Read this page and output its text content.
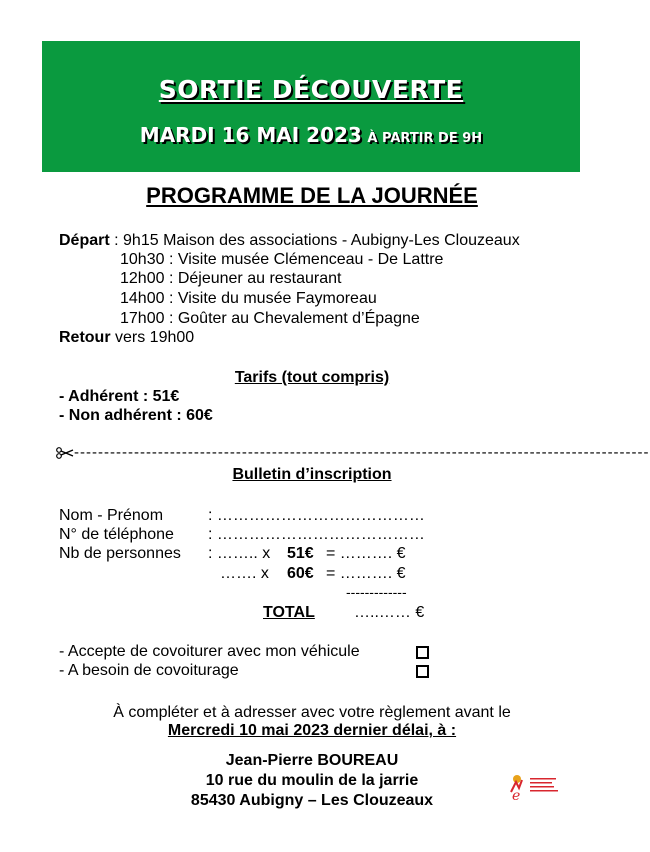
SORTIE DÉCOUVERTE
MARDI 16 MAI 2023 À PARTIR DE 9H
PROGRAMME DE LA JOURNÉE
Départ : 9h15 Maison des associations - Aubigny-Les Clouzeaux
10h30 : Visite musée Clémenceau - De Lattre
12h00 : Déjeuner au restaurant
14h00 : Visite du musée Faymoreau
17h00 : Goûter au Chevalement d’Épagne
Retour vers 19h00
Tarifs (tout compris)
- Adhérent : 51€
- Non adhérent : 60€
------------------------------------------------------------------------------------------------
Bulletin d’inscription
Nom - Prénom	: …………………………………
N° de téléphone : …………………………………
Nb de personnes : …….. x 51€ = ………. €
……. x 60€ = ………. €
-------------
TOTAL …..…… €
- Accepte de covoiturer avec mon véhicule
- A besoin de covoiturage
À compléter et à adresser avec votre règlement avant le
Mercredi 10 mai 2023 dernier délai, à :
Jean-Pierre BOUREAU
10 rue du moulin de la jarrie
85430 Aubigny – Les Clouzeaux	e
